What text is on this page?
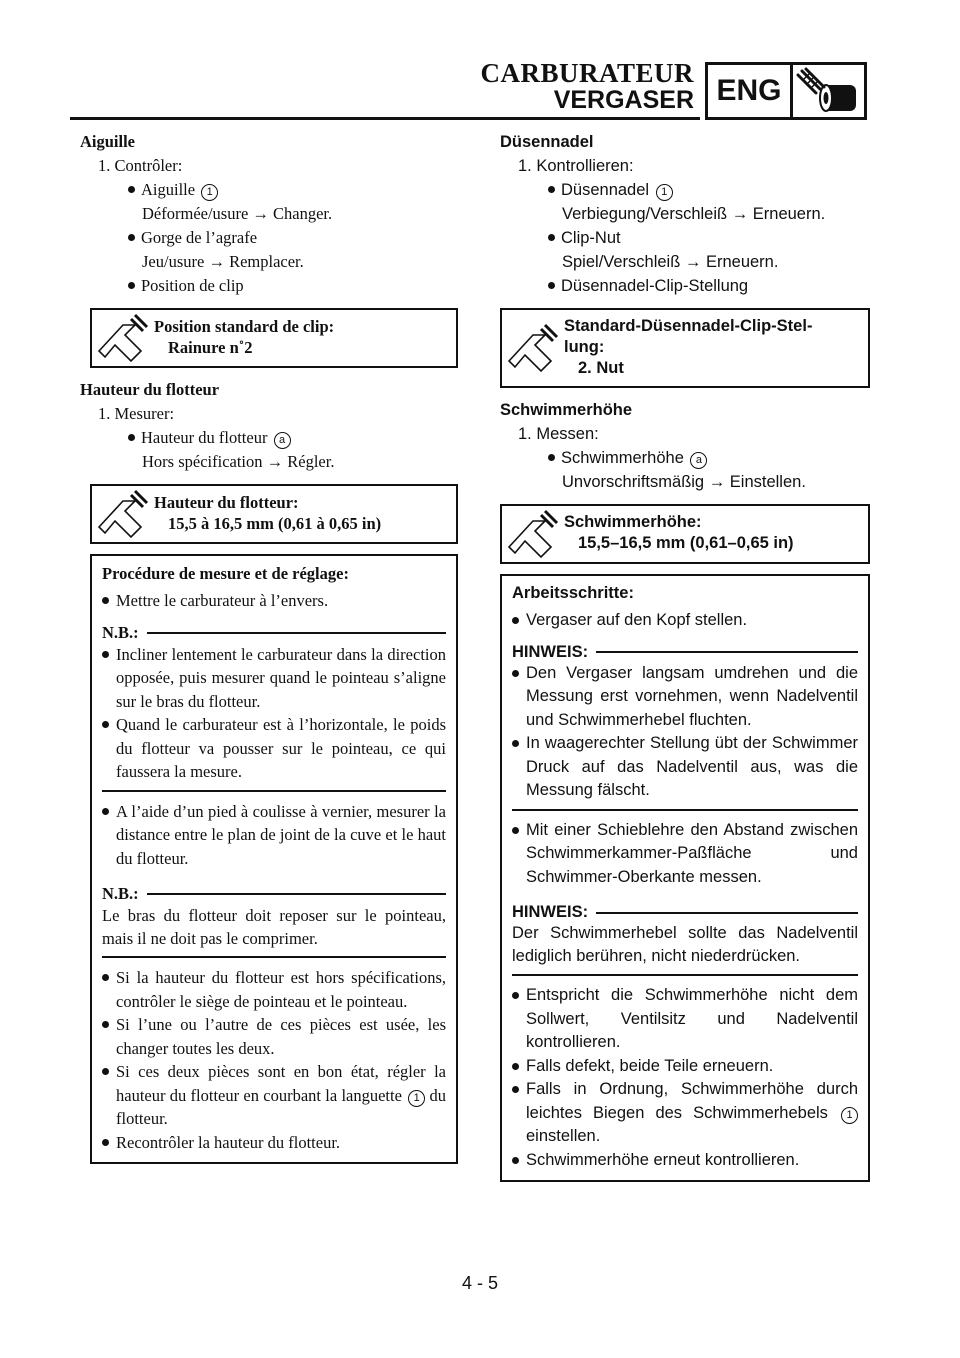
CARBURATEUR
VERGASER ENG
Aiguille
1. Contrôler:
Aiguille 1
Déformée/usure → Changer.
Gorge de l’agrafe
Jeu/usure → Remplacer.
Position de clip
Position standard de clip:
Rainure n˚2
Hauteur du flotteur
1. Mesurer:
Hauteur du flotteur a
Hors spécification → Régler.
Hauteur du flotteur:
15,5 à 16,5 mm (0,61 à 0,65 in)
Procédure de mesure et de réglage:
Mettre le carburateur à l’envers.
N.B.:
Incliner lentement le carburateur dans la direction opposée, puis mesurer quand le pointeau s’aligne sur le bras du flotteur.
Quand le carburateur est à l’horizontale, le poids du flotteur va pousser sur le pointeau, ce qui faussera la mesure.
A l’aide d’un pied à coulisse à vernier, mesurer la distance entre le plan de joint de la cuve et le haut du flotteur.
N.B.:
Le bras du flotteur doit reposer sur le pointeau, mais il ne doit pas le comprimer.
Si la hauteur du flotteur est hors spécifications, contrôler le siège de pointeau et le pointeau.
Si l’une ou l’autre de ces pièces est usée, les changer toutes les deux.
Si ces deux pièces sont en bon état, régler la hauteur du flotteur en courbant la languette 1 du flotteur.
Recontrôler la hauteur du flotteur.
Düsennadel
1. Kontrollieren:
Düsennadel 1
Verbiegung/Verschleiß → Erneuern.
Clip-Nut
Spiel/Verschleiß → Erneuern.
Düsennadel-Clip-Stellung
Standard-Düsennadel-Clip-Stel-
lung:
2. Nut
Schwimmerhöhe
1. Messen:
Schwimmerhöhe a
Unvorschriftsmäßig → Einstellen.
Schwimmerhöhe:
15,5–16,5 mm (0,61–0,65 in)
Arbeitsschritte:
Vergaser auf den Kopf stellen.
HINWEIS:
Den Vergaser langsam umdrehen und die Messung erst vornehmen, wenn Nadelventil und Schwimmerhebel fluchten.
In waagerechter Stellung übt der Schwimmer Druck auf das Nadelventil aus, was die Messung fälscht.
Mit einer Schieblehre den Abstand zwischen Schwimmerkammer-Paßfläche und Schwimmer-Oberkante messen.
HINWEIS:
Der Schwimmerhebel sollte das Nadelventil lediglich berühren, nicht niederdrücken.
Entspricht die Schwimmerhöhe nicht dem Sollwert, Ventilsitz und Nadelventil kontrollieren.
Falls defekt, beide Teile erneuern.
Falls in Ordnung, Schwimmerhöhe durch leichtes Biegen des Schwimmerhebels 1 einstellen.
Schwimmerhöhe erneut kontrollieren.
4 - 5
